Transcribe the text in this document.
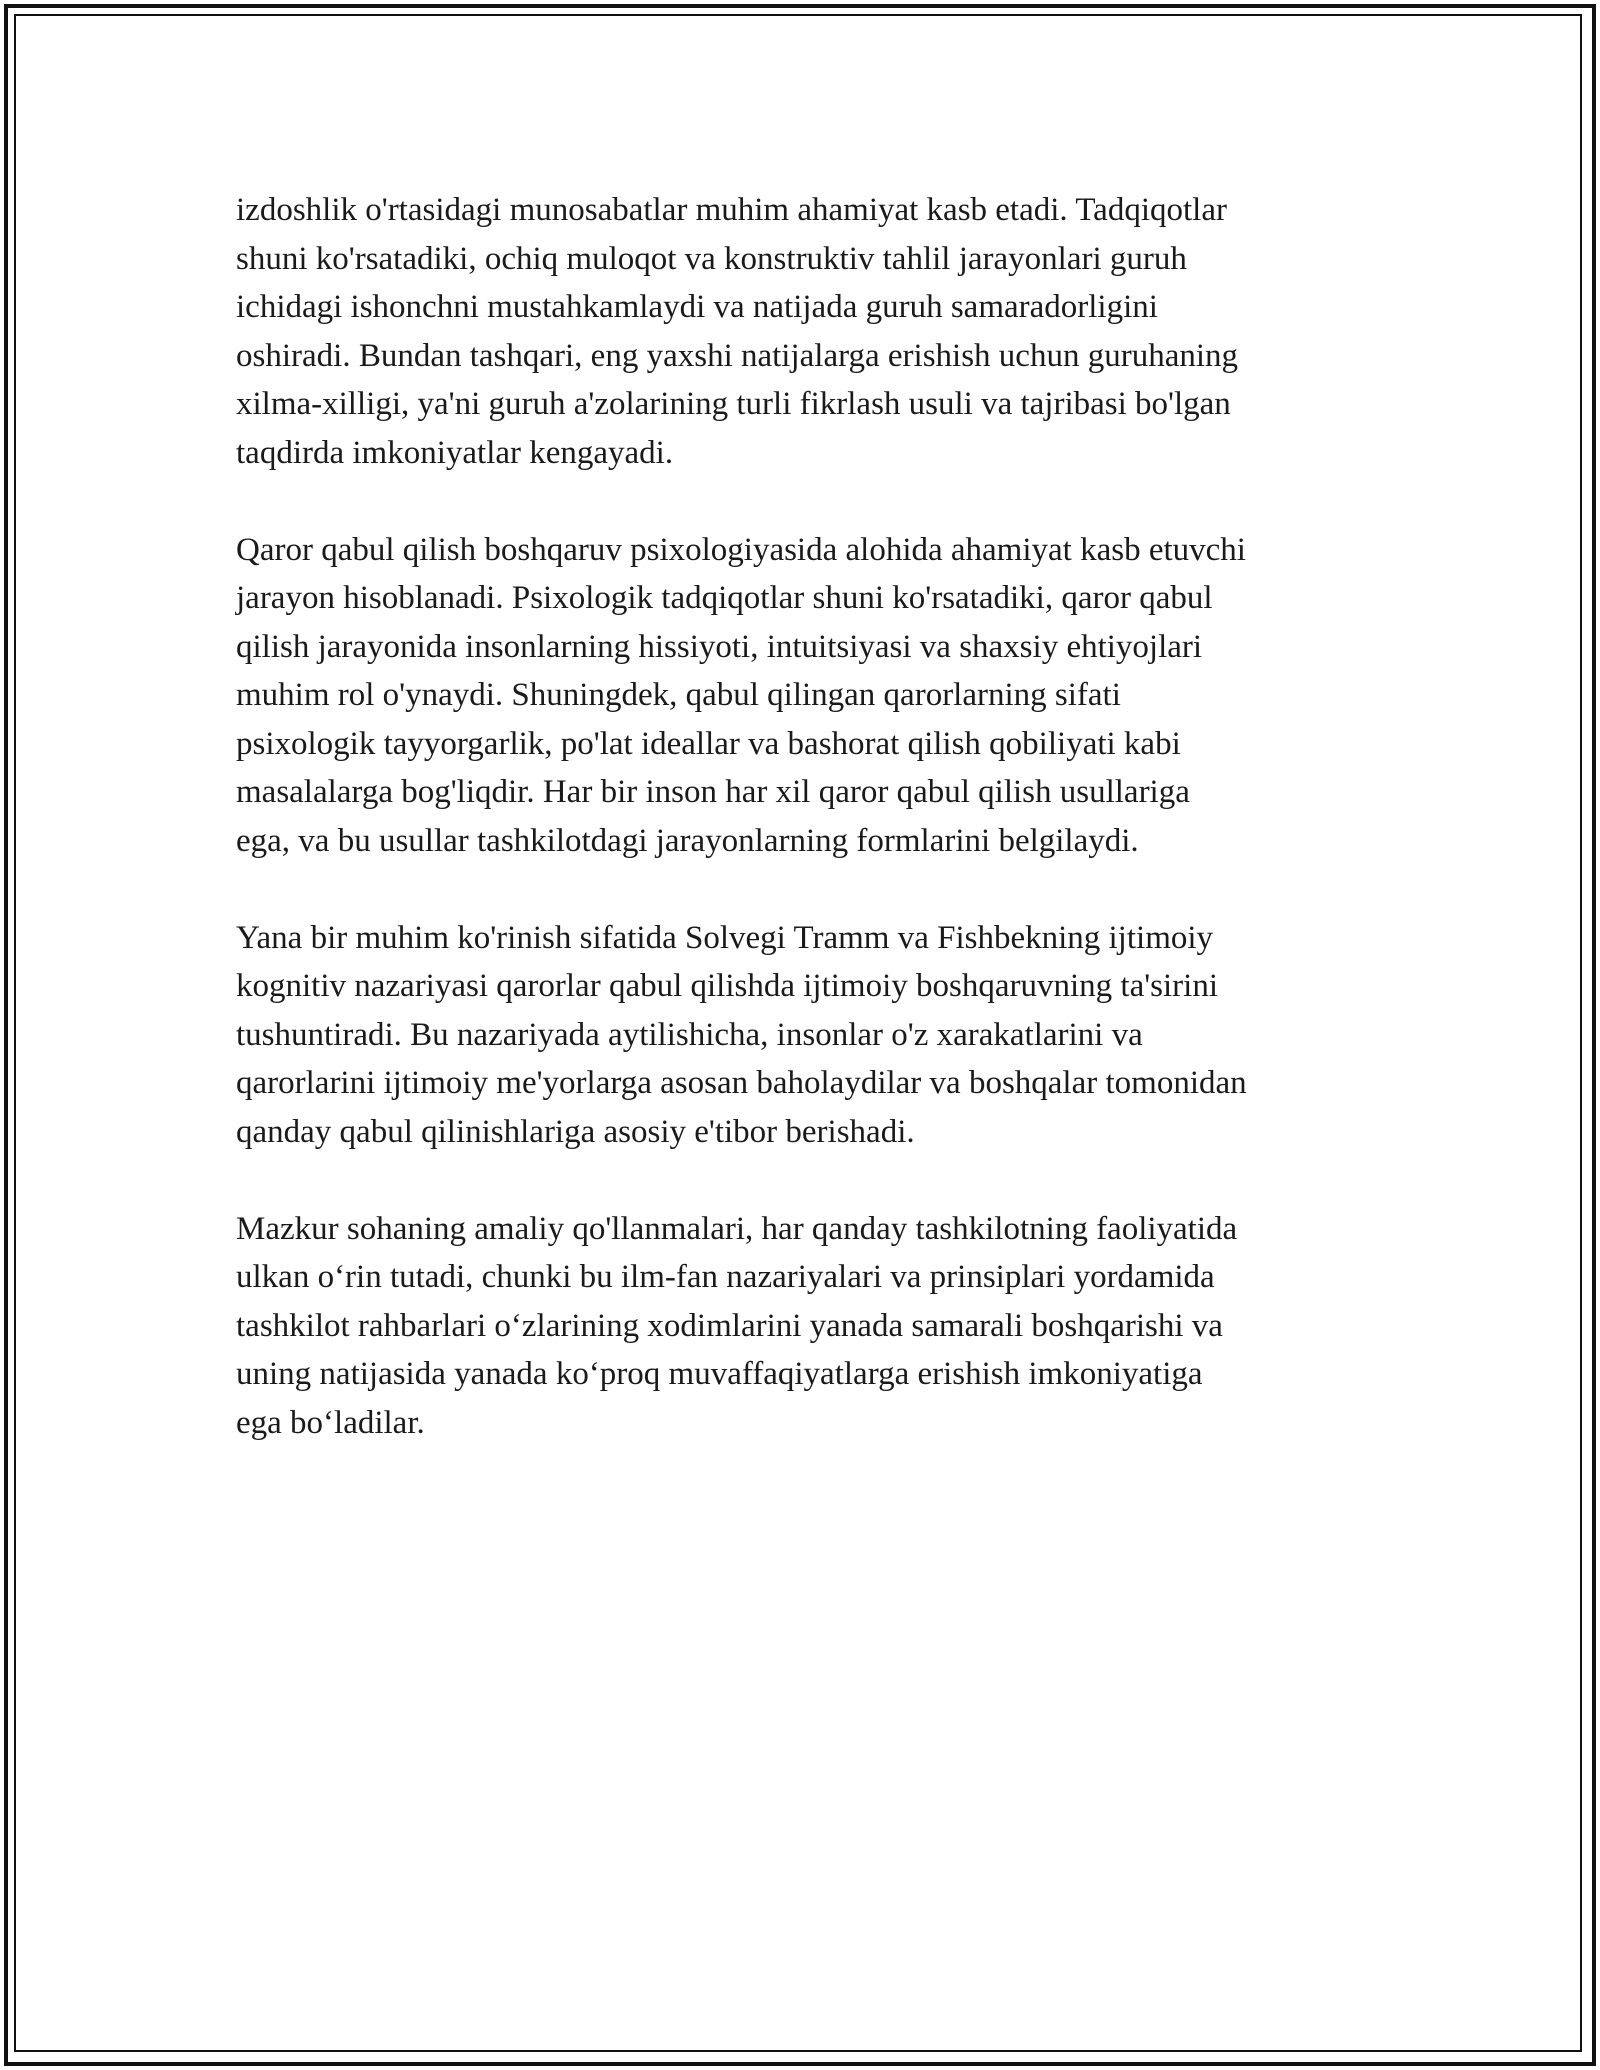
izdoshlik o'rtasidagi munosabatlar muhim ahamiyat kasb etadi. Tadqiqotlar
shuni ko'rsatadiki, ochiq muloqot va konstruktiv tahlil jarayonlari guruh
ichidagi ishonchni mustahkamlaydi va natijada guruh samaradorligini
oshiradi. Bundan tashqari, eng yaxshi natijalarga erishish uchun guruhaning
xilma-xilligi, ya'ni guruh a'zolarining turli fikrlash usuli va tajribasi bo'lgan
taqdirda imkoniyatlar kengayadi.

Qaror qabul qilish boshqaruv psixologiyasida alohida ahamiyat kasb etuvchi
jarayon hisoblanadi. Psixologik tadqiqotlar shuni ko'rsatadiki, qaror qabul
qilish jarayonida insonlarning hissiyoti, intuitsiyasi va shaxsiy ehtiyojlari
muhim rol o'ynaydi. Shuningdek, qabul qilingan qarorlarning sifati
psixologik tayyorgarlik, po'lat ideallar va bashorat qilish qobiliyati kabi
masalalarga bog'liqdir. Har bir inson har xil qaror qabul qilish usullariga
ega, va bu usullar tashkilotdagi jarayonlarning formlarini belgilaydi.

Yana bir muhim ko'rinish sifatida Solvegi Tramm va Fishbekning ijtimoiy
kognitiv nazariyasi qarorlar qabul qilishda ijtimoiy boshqaruvning ta'sirini
tushuntiradi. Bu nazariyada aytilishicha, insonlar o'z xarakatlarini va
qarorlarini ijtimoiy me'yorlarga asosan baholaydilar va boshqalar tomonidan
qanday qabul qilinishlariga asosiy e'tibor berishadi.

Mazkur sohaning amaliy qo'llanmalari, har qanday tashkilotning faoliyatida
ulkan oʻrin tutadi, chunki bu ilm-fan nazariyalari va prinsiplari yordamida
tashkilot rahbarlari oʻzlarining xodimlarini yanada samarali boshqarishi va
uning natijasida yanada koʻproq muvaffaqiyatlarga erishish imkoniyatiga
ega boʻladilar.
